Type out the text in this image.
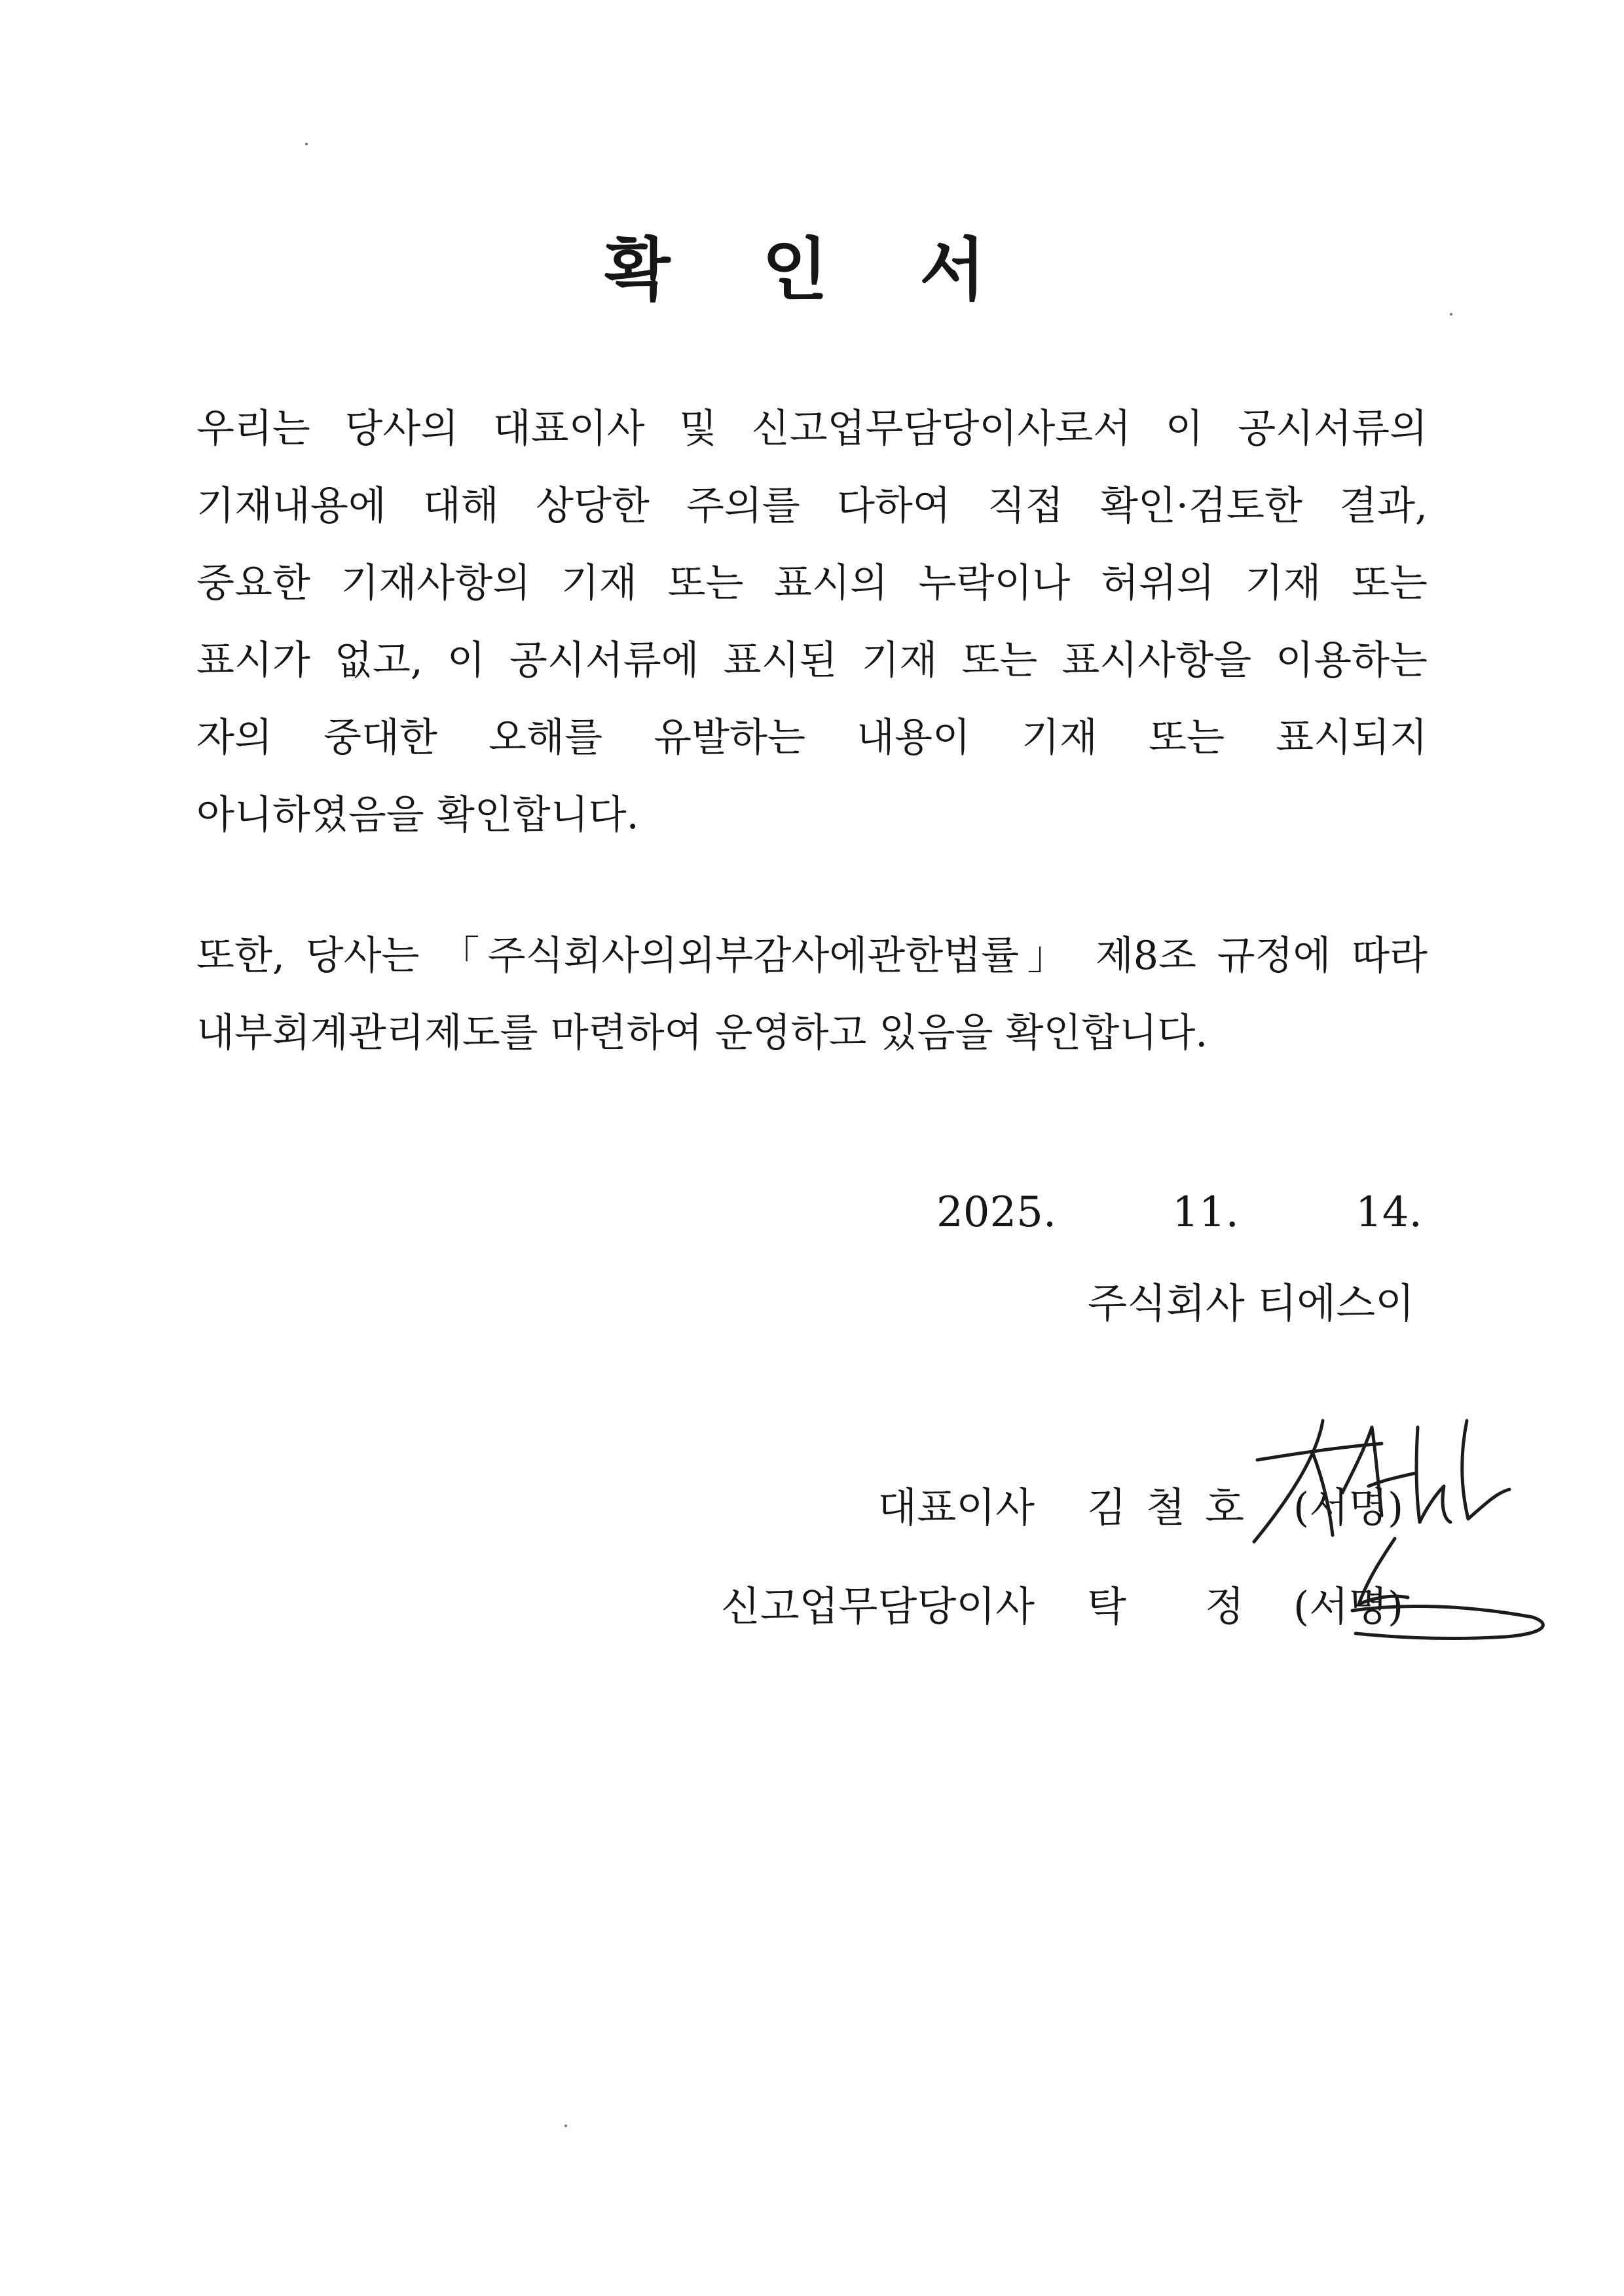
확 인 서
우리는 당사의 대표이사 및 신고업무담당이사로서 이 공시서류의
기재내용에 대해 상당한 주의를 다하여 직접 확인·검토한 결과,
중요한 기재사항의 기재 또는 표시의 누락이나 허위의 기재 또는
표시가 없고, 이 공시서류에 표시된 기재 또는 표시사항을 이용하는
자의 중대한 오해를 유발하는 내용이 기재 또는 표시되지
아니하였음을 확인합니다.
또한, 당사는 「주식회사의외부감사에관한법률」 제8조 규정에 따라
내부회계관리제도를 마련하여 운영하고 있음을 확인합니다.
2025.	11.	14.
주식회사 티에스이
대표이사 김 철 호 (서명)
신고업무담당이사 탁 정 (서명)
